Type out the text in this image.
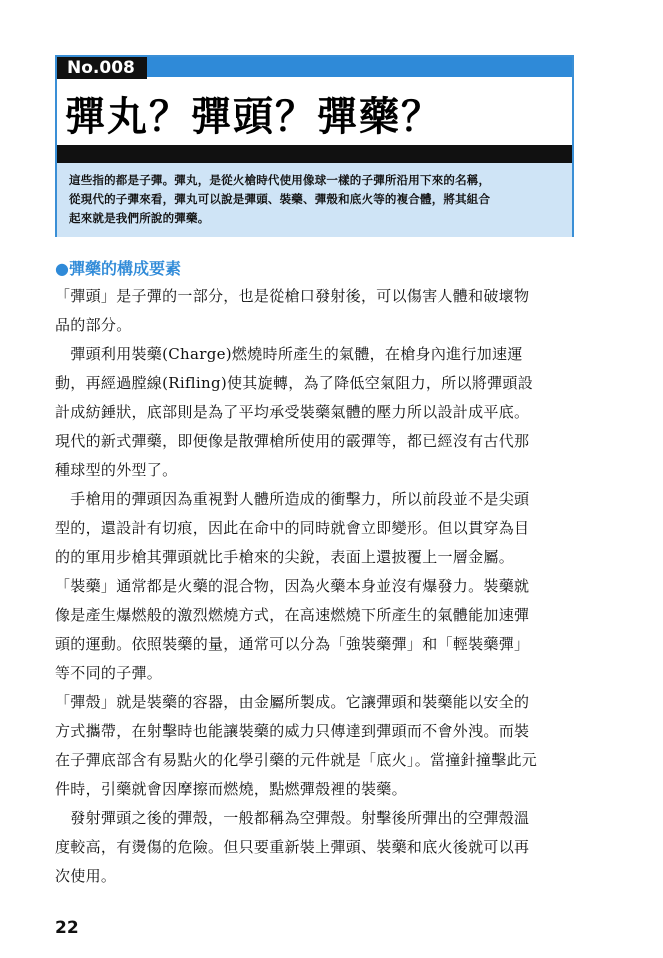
No.008
彈丸？彈頭？彈藥？

這些指的都是子彈。彈丸，是從火槍時代使用像球一樣的子彈所沿用下來的名稱，

從現代的子彈來看，彈丸可以說是彈頭、裝藥、彈殼和底火等的複合體，將其組合

起來就是我們所說的彈藥。

●彈藥的構成要素

「彈頭」是子彈的一部分，也是從槍口發射後，可以傷害人體和破壞物

品的部分。

　彈頭利用裝藥(Charge)燃燒時所產生的氣體，在槍身內進行加速運

動，再經過膛線(Rifling)使其旋轉，為了降低空氣阻力，所以將彈頭設

計成紡錘狀，底部則是為了平均承受裝藥氣體的壓力所以設計成平底。

現代的新式彈藥，即便像是散彈槍所使用的霰彈等，都已經沒有古代那

種球型的外型了。

　手槍用的彈頭因為重視對人體所造成的衝擊力，所以前段並不是尖頭

型的，還設計有切痕，因此在命中的同時就會立即變形。但以貫穿為目

的的軍用步槍其彈頭就比手槍來的尖銳，表面上還披覆上一層金屬。

「裝藥」通常都是火藥的混合物，因為火藥本身並沒有爆發力。裝藥就

像是產生爆燃般的激烈燃燒方式，在高速燃燒下所產生的氣體能加速彈

頭的運動。依照裝藥的量，通常可以分為「強裝藥彈」和「輕裝藥彈」

等不同的子彈。

「彈殼」就是裝藥的容器，由金屬所製成。它讓彈頭和裝藥能以安全的

方式攜帶，在射擊時也能讓裝藥的威力只傳達到彈頭而不會外洩。而裝

在子彈底部含有易點火的化學引藥的元件就是「底火」。當撞針撞擊此元

件時，引藥就會因摩擦而燃燒，點燃彈殼裡的裝藥。

　發射彈頭之後的彈殼，一般都稱為空彈殼。射擊後所彈出的空彈殼溫

度較高，有燙傷的危險。但只要重新裝上彈頭、裝藥和底火後就可以再

次使用。

22
